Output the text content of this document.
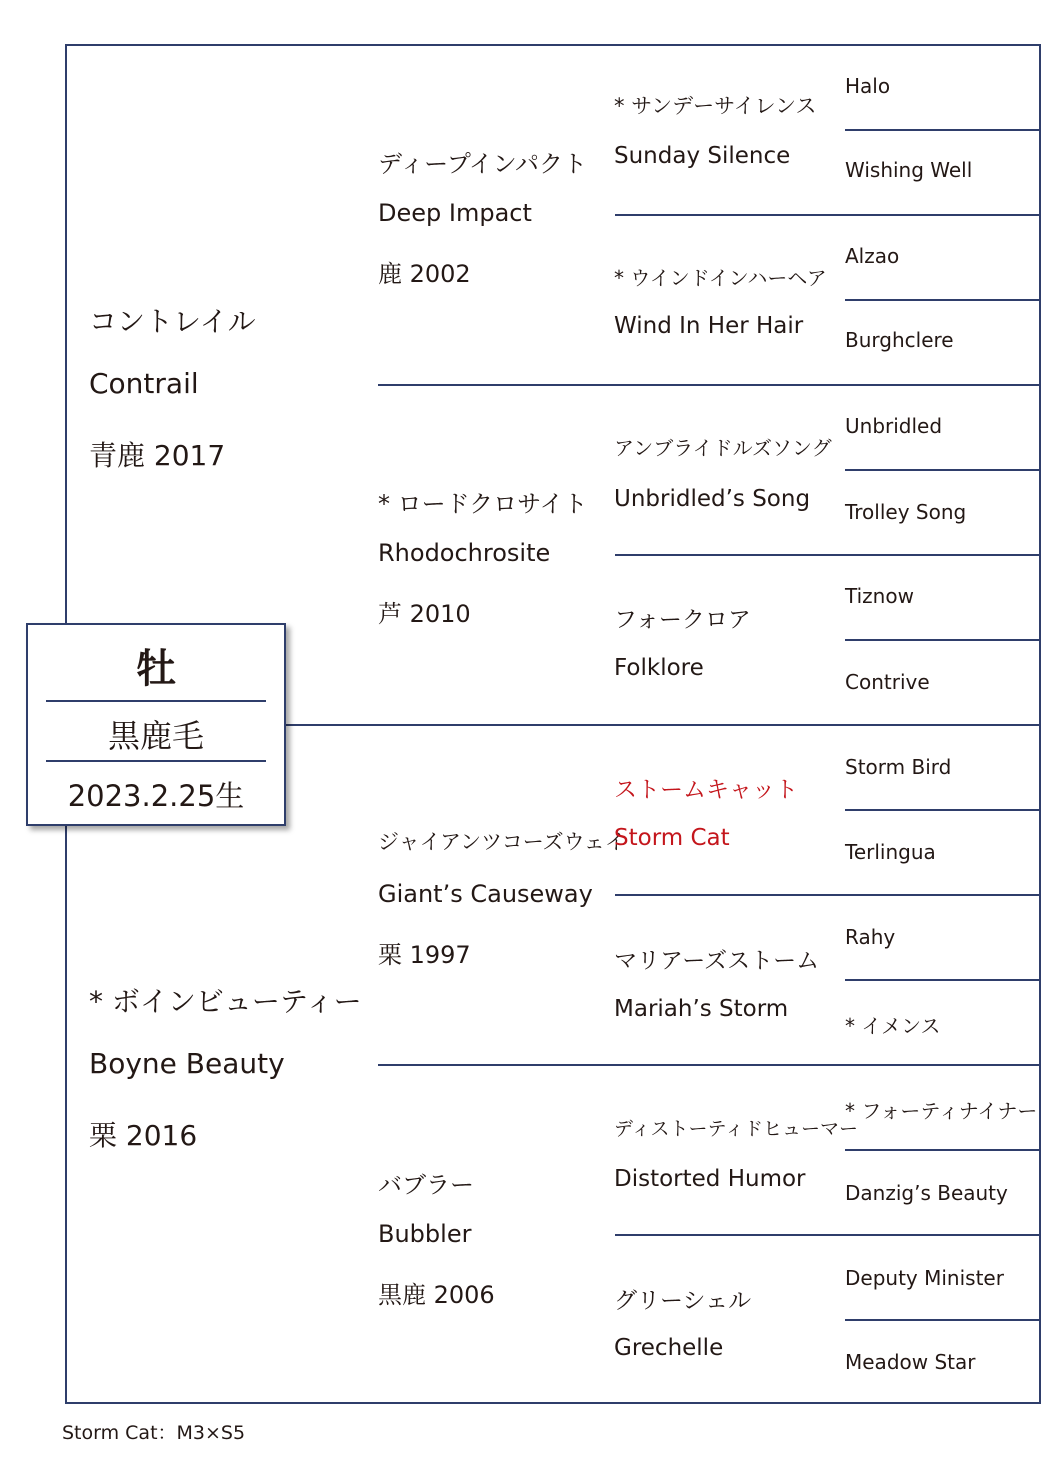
コントレイル
Contrail
青鹿 2017
* ボインビューティー
Boyne Beauty
栗 2016
ディープインパクト
Deep Impact
鹿 2002
* ロードクロサイト
Rhodochrosite
芦 2010
ジャイアンツコーズウェイ
Giant’s Causeway
栗 1997
バブラー
Bubbler
黒鹿 2006
* サンデーサイレンス
Sunday Silence
* ウインドインハーヘア
Wind In Her Hair
アンブライドルズソング
Unbridled’s Song
フォークロア
Folklore
ストームキャット
Storm Cat
マリアーズストーム
Mariah’s Storm
ディストーティドヒューマー
Distorted Humor
グリーシェル
Grechelle
Halo
Wishing Well
Alzao
Burghclere
Unbridled
Trolley Song
Tiznow
Contrive
Storm Bird
Terlingua
Rahy
* イメンス
* フォーティナイナー
Danzig’s Beauty
Deputy Minister
Meadow Star
牡
黒鹿毛
2023.2.25生
Storm Cat：M3×S5
